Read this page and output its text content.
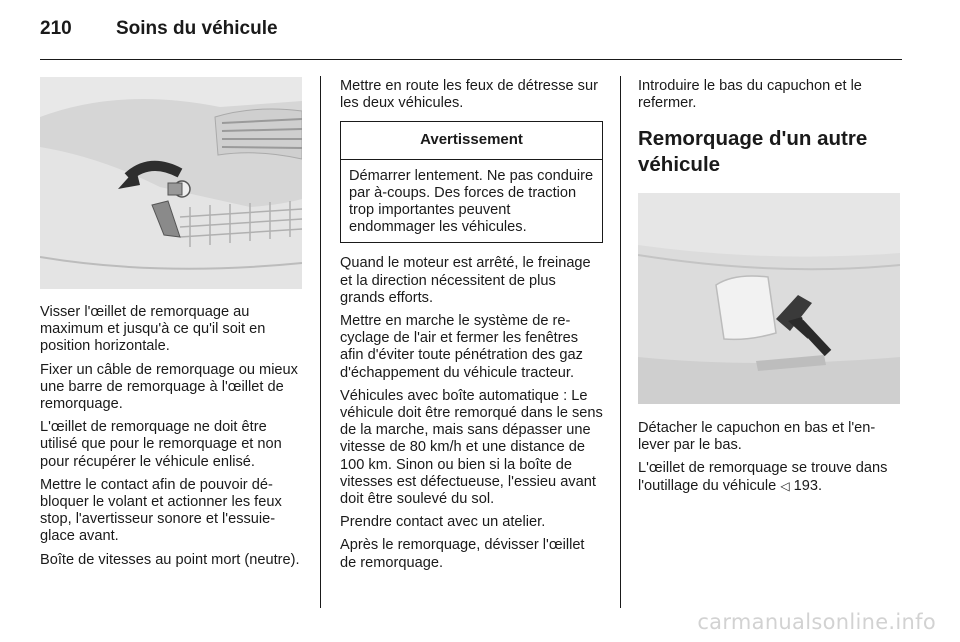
210 Soins du véhicule

Visser l'œillet de remorquage au maximum et jusqu'à ce qu'il soit en position horizontale.

Fixer un câble de remorquage ou mieux une barre de remorquage à l'œillet de remorquage.

L'œillet de remorquage ne doit être utilisé que pour le remorquage et non pour récupérer le véhicule enlisé.

Mettre le contact afin de pouvoir débloquer le volant et actionner les feux stop, l'avertisseur sonore et l'essuie-glace avant.

Boîte de vitesses au point mort (neutre).

Mettre en route les feux de détresse sur les deux véhicules.

Avertissement
Démarrer lentement. Ne pas conduire par à-coups. Des forces de traction trop importantes peuvent endommager les véhicules.

Quand le moteur est arrêté, le freinage et la direction nécessitent de plus grands efforts.

Mettre en marche le système de recyclage de l'air et fermer les fenêtres afin d'éviter toute pénétration des gaz d'échappement du véhicule tracteur.

Véhicules avec boîte automatique : Le véhicule doit être remorqué dans le sens de la marche, mais sans dépasser une vitesse de 80 km/h et une distance de 100 km. Sinon ou bien si la boîte de vitesses est défectueuse, l'essieu avant doit être soulevé du sol.

Prendre contact avec un atelier.

Après le remorquage, dévisser l'œillet de remorquage.

Introduire le bas du capuchon et le refermer.

Remorquage d'un autre véhicule

Détacher le capuchon en bas et l'enlever par le bas.

L'œillet de remorquage se trouve dans l'outillage du véhicule ◁ 193.

carmanualsonline.info
